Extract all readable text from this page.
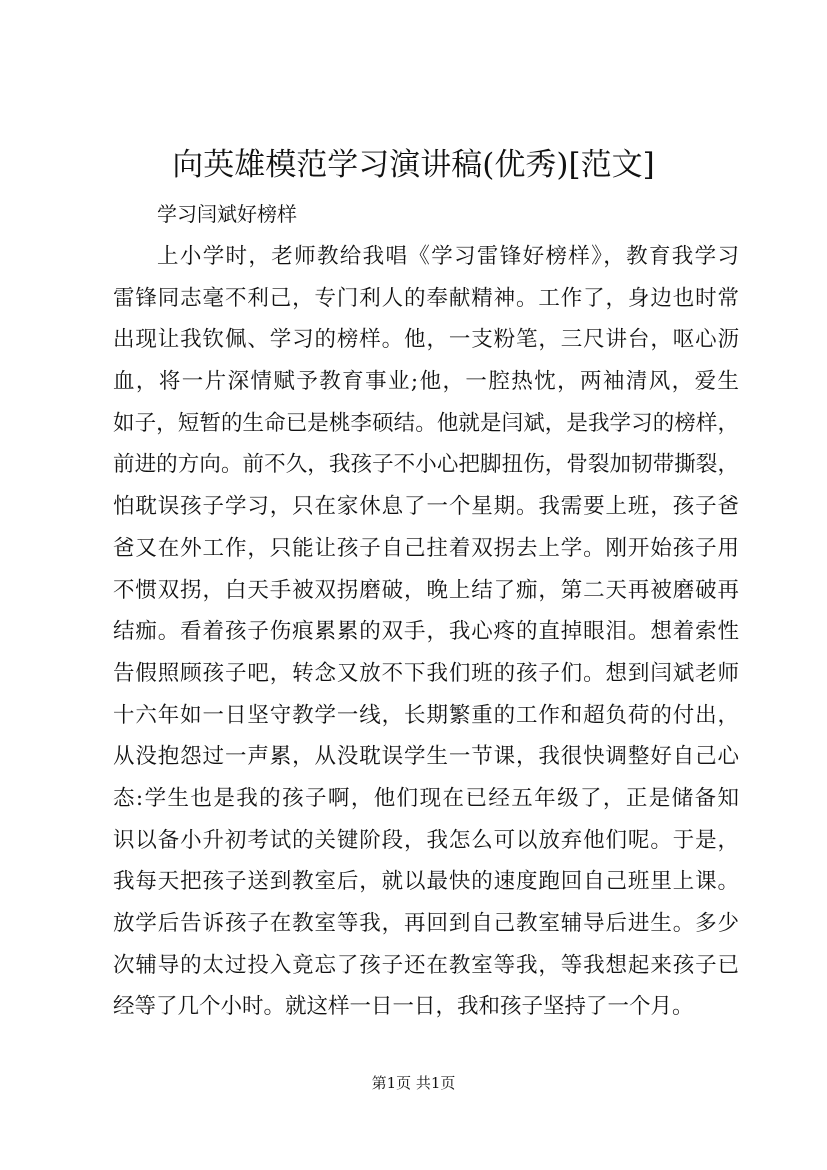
向英雄模范学习演讲稿(优秀)[范文]
学习闫斌好榜样
上小学时，老师教给我唱《学习雷锋好榜样》，教育我学习
雷锋同志毫不利己，专门利人的奉献精神。工作了，身边也时常
出现让我钦佩、学习的榜样。他，一支粉笔，三尺讲台，呕心沥
血，将一片深情赋予教育事业;他，一腔热忱，两袖清风，爱生
如子，短暂的生命已是桃李硕结。他就是闫斌，是我学习的榜样，
前进的方向。前不久，我孩子不小心把脚扭伤，骨裂加韧带撕裂，
怕耽误孩子学习，只在家休息了一个星期。我需要上班，孩子爸
爸又在外工作，只能让孩子自己拄着双拐去上学。刚开始孩子用
不惯双拐，白天手被双拐磨破，晚上结了痂，第二天再被磨破再
结痂。看着孩子伤痕累累的双手，我心疼的直掉眼泪。想着索性
告假照顾孩子吧，转念又放不下我们班的孩子们。想到闫斌老师
十六年如一日坚守教学一线，长期繁重的工作和超负荷的付出，
从没抱怨过一声累，从没耽误学生一节课，我很快调整好自己心
态:学生也是我的孩子啊，他们现在已经五年级了，正是储备知
识以备小升初考试的关键阶段，我怎么可以放弃他们呢。于是，
我每天把孩子送到教室后，就以最快的速度跑回自己班里上课。
放学后告诉孩子在教室等我，再回到自己教室辅导后进生。多少
次辅导的太过投入竟忘了孩子还在教室等我，等我想起来孩子已
经等了几个小时。就这样一日一日，我和孩子坚持了一个月。
第1页 共1页
